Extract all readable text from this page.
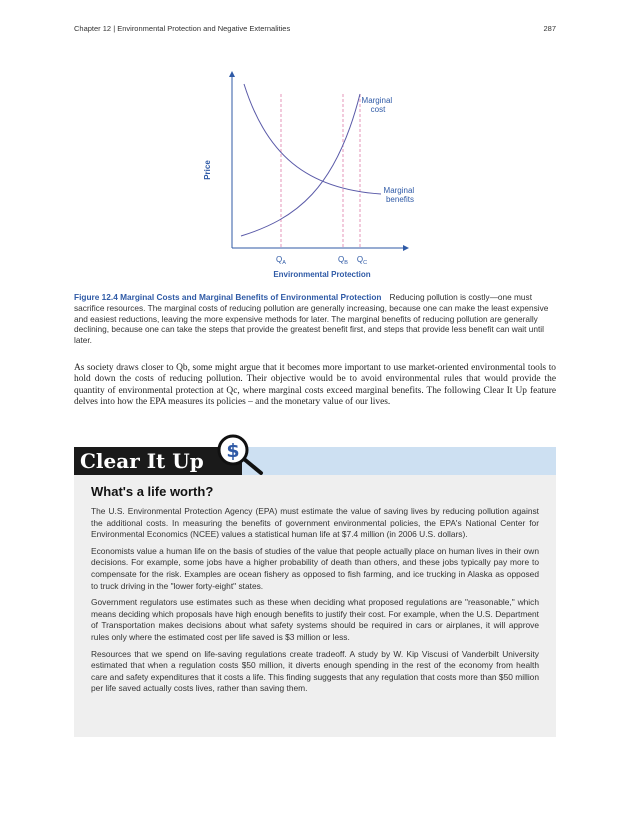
Chapter 12 | Environmental Protection and Negative Externalities	287
Price
Environmental Protection
Marginal cost
Marginal benefits
$Q_A$	$Q_B$ $Q_C$
Figure 12.4 Marginal Costs and Marginal Benefits of Environmental Protection Reducing pollution is costly—one must sacrifice resources. The marginal costs of reducing pollution are generally increasing, because one can make the least expensive and easiest reductions, leaving the more expensive methods for later. The marginal benefits of reducing pollution are generally declining, because one can take the steps that provide the greatest benefit first, and steps that provide less benefit can wait until later.
As society draws closer to Qb, some might argue that it becomes more important to use market-oriented environmental tools to hold down the costs of reducing pollution. Their objective would be to avoid environmental rules that would provide the quantity of environmental protection at Qc, where marginal costs exceed marginal benefits. The following Clear It Up feature delves into how the EPA measures its policies – and the monetary value of our lives.
Clear It Up	$
What's a life worth?

The U.S. Environmental Protection Agency (EPA) must estimate the value of saving lives by reducing pollution against the additional costs. In measuring the benefits of government environmental policies, the EPA's National Center for Environmental Economics (NCEE) values a statistical human life at $7.4 million (in 2006 U.S. dollars).

Economists value a human life on the basis of studies of the value that people actually place on human lives in their own decisions. For example, some jobs have a higher probability of death than others, and these jobs typically pay more to compensate for the risk. Examples are ocean fishery as opposed to fish farming, and ice trucking in Alaska as opposed to truck driving in the "lower forty-eight" states.

Government regulators use estimates such as these when deciding what proposed regulations are "reasonable," which means deciding which proposals have high enough benefits to justify their cost. For example, when the U.S. Department of Transportation makes decisions about what safety systems should be required in cars or airplanes, it will approve rules only where the estimated cost per life saved is $3 million or less.

Resources that we spend on life-saving regulations create tradeoff. A study by W. Kip Viscusi of Vanderbilt University estimated that when a regulation costs $50 million, it diverts enough spending in the rest of the economy from health care and safety expenditures that it costs a life. This finding suggests that any regulation that costs more than $50 million per life saved actually costs lives, rather than saving them.
